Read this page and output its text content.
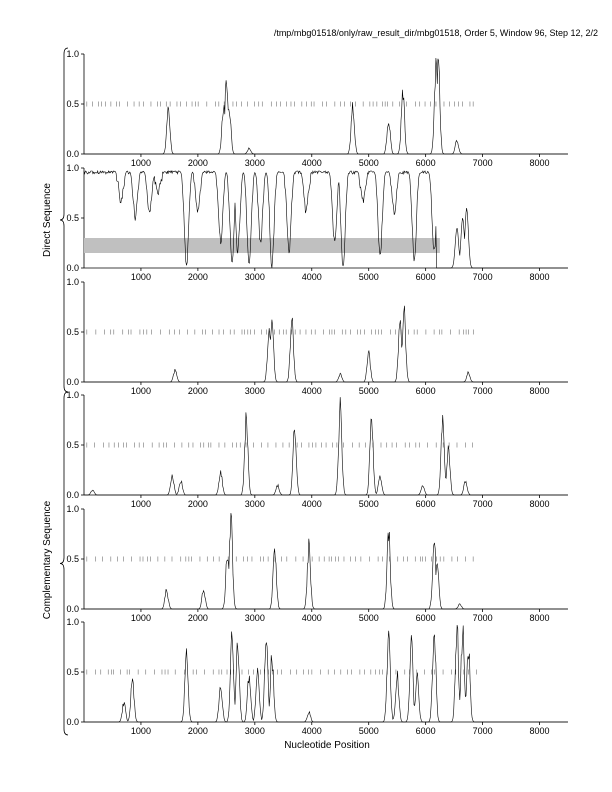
/tmp/mbg01518/only/raw_result_dir/mbg01518, Order 5, Window 96, Step 12, 2/2
0.0
0.5
1.0
1000	2000	3000	4000	5000	6000	7000	8000
0.0
0.5
1.0
1000	2000	3000	4000	5000	6000	7000	8000
0.0
0.5
1.0
1000	2000	3000	4000	5000	6000	7000	8000
0.0
0.5
1.0
1000	2000	3000	4000	5000	6000	7000	8000
0.0
0.5
1.0
1000	2000	3000	4000	5000	6000	7000	8000
0.0
0.5
1.0
1000	2000	3000	4000	5000	6000	7000	8000
Nucleotide Position
Direct Sequence
Complementary Sequence
